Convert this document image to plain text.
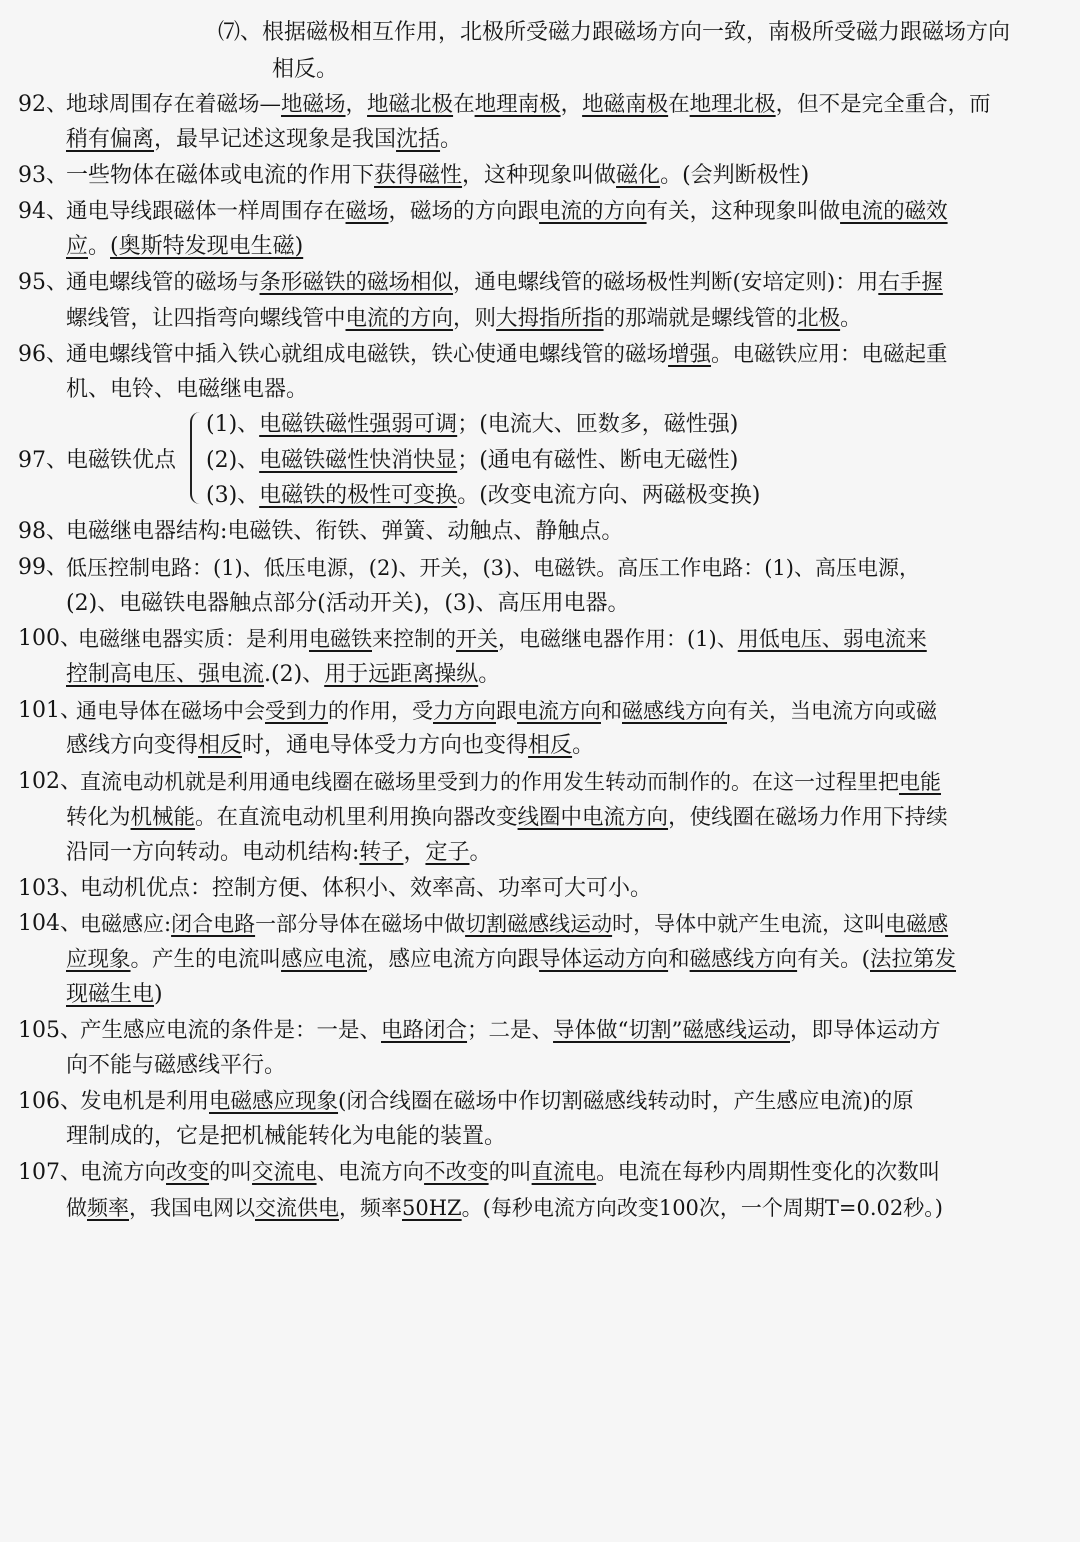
⑺、根据磁极相互作用，北极所受磁力跟磁场方向一致，南极所受磁力跟磁场方向
相反。
92、
地球周围存在着磁场—地磁场，地磁北极在地理南极，地磁南极在地理北极，但不是完全重合，而
稍有偏离，最早记述这现象是我国沈括。
93、
一些物体在磁体或电流的作用下获得磁性，这种现象叫做磁化。(会判断极性)
94、
通电导线跟磁体一样周围存在磁场，磁场的方向跟电流的方向有关，这种现象叫做电流的磁效
应。(奥斯特发现电生磁)
95、
通电螺线管的磁场与条形磁铁的磁场相似，通电螺线管的磁场极性判断(安培定则)：用右手握
螺线管，让四指弯向螺线管中电流的方向，则大拇指所指的那端就是螺线管的北极。
96、
通电螺线管中插入铁心就组成电磁铁，铁心使通电螺线管的磁场增强。电磁铁应用：电磁起重
机、电铃、电磁继电器。
97、
电磁铁优点
(1)、电磁铁磁性强弱可调；(电流大、匝数多，磁性强)
(2)、电磁铁磁性快消快显；(通电有磁性、断电无磁性)
(3)、电磁铁的极性可变换。(改变电流方向、两磁极变换)
98、
电磁继电器结构:电磁铁、衔铁、弹簧、动触点、静触点。
99、
低压控制电路：(1)、低压电源，(2)、开关，(3)、电磁铁。高压工作电路：(1)、高压电源，
(2)、电磁铁电器触点部分(活动开关)，(3)、高压用电器。
100、
电磁继电器实质：是利用电磁铁来控制的开关，电磁继电器作用：(1)、用低电压、弱电流来
控制高电压、强电流.(2)、用于远距离操纵。
101、
通电导体在磁场中会受到力的作用，受力方向跟电流方向和磁感线方向有关，当电流方向或磁
感线方向变得相反时，通电导体受力方向也变得相反。
102、
直流电动机就是利用通电线圈在磁场里受到力的作用发生转动而制作的。在这一过程里把电能
转化为机械能。在直流电动机里利用换向器改变线圈中电流方向，使线圈在磁场力作用下持续
沿同一方向转动。电动机结构:转子，定子。
103、
电动机优点：控制方便、体积小、效率高、功率可大可小。
104、
电磁感应:闭合电路一部分导体在磁场中做切割磁感线运动时，导体中就产生电流，这叫电磁感
应现象。产生的电流叫感应电流，感应电流方向跟导体运动方向和磁感线方向有关。(法拉第发
现磁生电)
105、
产生感应电流的条件是：一是、电路闭合；二是、导体做“切割”磁感线运动，即导体运动方
向不能与磁感线平行。
106、
发电机是利用电磁感应现象(闭合线圈在磁场中作切割磁感线转动时，产生感应电流)的原
理制成的，它是把机械能转化为电能的装置。
107、
电流方向改变的叫交流电、电流方向不改变的叫直流电。电流在每秒内周期性变化的次数叫
做频率，我国电网以交流供电，频率50HZ。(每秒电流方向改变100次，一个周期T=0.02秒。)
